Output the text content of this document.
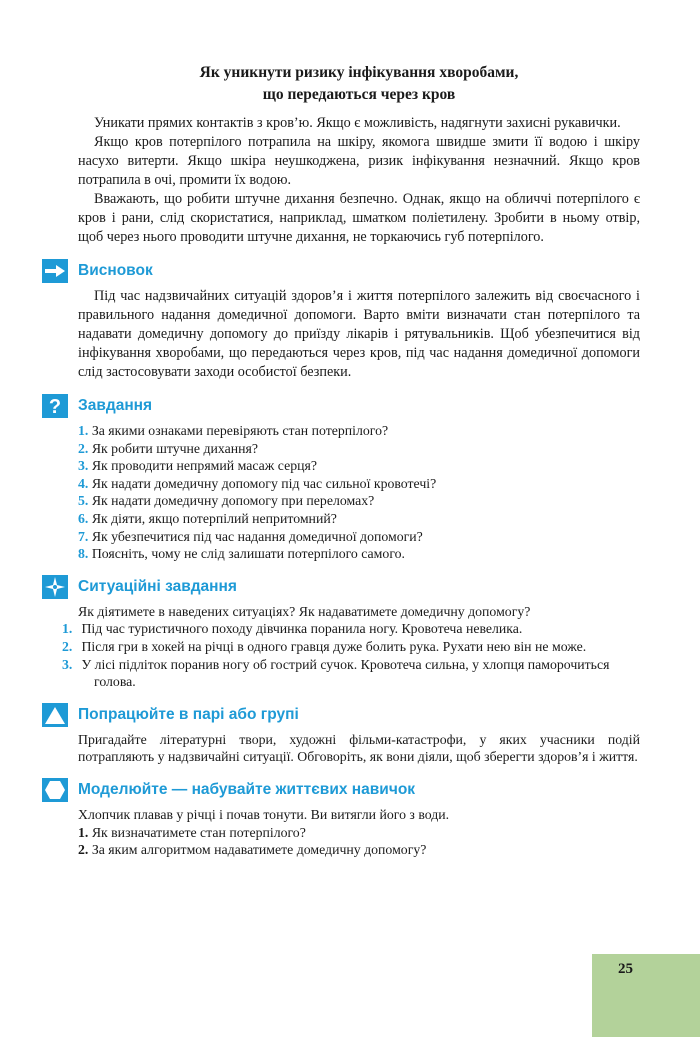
Як уникнути ризику інфікування хворобами,
що передаються через кров

Уникати прямих контактів з кров’ю. Якщо є можливість, надягнути захисні рукавички.

Якщо кров потерпілого потрапила на шкіру, якомога швидше змити її водою і шкіру насухо витерти. Якщо шкіра неушкоджена, ризик інфікування незначний. Якщо кров потрапила в очі, промити їх водою.

Вважають, що робити штучне дихання безпечно. Однак, якщо на обличчі потерпілого є кров і рани, слід скористатися, наприклад, шматком поліетилену. Зробити в ньому отвір, щоб через нього проводити штучне дихання, не торкаючись губ потерпілого.

Висновок

Під час надзвичайних ситуацій здоров’я і життя потерпілого залежить від своєчасного і правильного надання домедичної допомоги. Варто вміти визначати стан потерпілого та надавати домедичну допомогу до приїзду лікарів і рятувальників. Щоб убезпечитися від інфікування хворобами, що передаються через кров, під час надання домедичної допомоги слід застосовувати заходи особистої безпеки.

? Завдання
1. За якими ознаками перевіряють стан потерпілого?
2. Як робити штучне дихання?
3. Як проводити непрямий масаж серця?
4. Як надати домедичну допомогу під час сильної кровотечі?
5. Як надати домедичну допомогу при переломах?
6. Як діяти, якщо потерпілий непритомний?
7. Як убезпечитися під час надання домедичної допомоги?
8. Поясніть, чому не слід залишати потерпілого самого.
Ситуаційні завдання

Як діятимете в наведених ситуаціях? Як надаватимете домедичну допомогу?

1. Під час туристичного походу дівчинка поранила ногу. Кровотеча невелика.
2. Після гри в хокей на річці в одного гравця дуже болить рука. Рухати нею він не може.
3. У лісі підліток поранив ногу об гострий сучок. Кровотеча сильна, у хлопця паморочиться голова.
Попрацюйте в парі або групі

Пригадайте літературні твори, художні фільми-катастрофи, у яких учасники подій потрапляють у надзвичайні ситуації. Обговоріть, як вони діяли, щоб зберегти здоров’я і життя.

Моделюйте — набувайте життєвих навичок

Хлопчик плавав у річці і почав тонути. Ви витягли його з води.

1. Як визначатимете стан потерпілого?
2. За яким алгоритмом надаватимете домедичну допомогу?
25
